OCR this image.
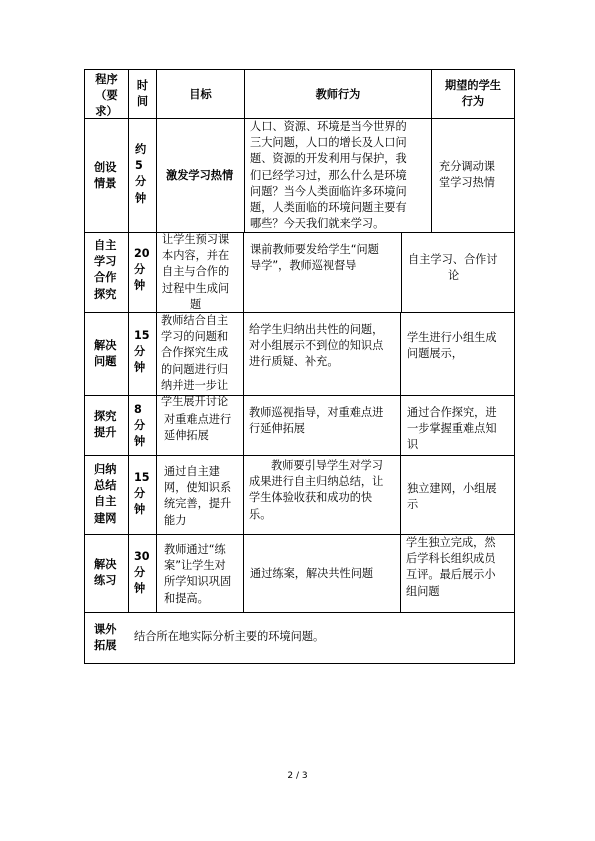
程序
（要
求）
时
间
目标	教师行为
期望的学生
行为
创设
情景
约
5
分
钟
激发学习热情
人口、资源、环境是当今世界的
三大问题，人口的增长及人口问
题、资源的开发利用与保护，我
们已经学习过，那么什么是环境
问题？当今人类面临许多环境问
题，人类面临的环境问题主要有
哪些？今天我们就来学习。
充分调动课
堂学习热情
自主
学习
合作
探究
20
分
钟
让学生预习课
本内容，并在
自主与合作的
过程中生成问
题
课前教师要发给学生“问题
导学”，教师巡视督导	自主学习、合作讨
论
解决
问题
15
分
钟
教师结合自主
学习的问题和
合作探究生成
的问题进行归
纳并进一步让
学生展开讨论
给学生归纳出共性的问题，
对小组展示不到位的知识点
进行质疑、补充。
学生进行小组生成
问题展示，
探究
提升
8
分
钟
对重难点进行
延伸拓展
教师巡视指导，对重难点进
行延伸拓展
通过合作探究，进
一步掌握重难点知
识
归纳
总结
自主
建网
15
分
钟
通过自主建
网，使知识系
统完善，提升
能力
教师要引导学生对学习
成果进行自主归纳总结，让
学生体验收获和成功的快
乐。
独立建网，小组展
示
解决
练习
30
分
钟
教师通过“练
案”让学生对
所学知识巩固
和提高。
通过练案，解决共性问题
学生独立完成，然
后学科长组织成员
互评。最后展示小
组问题
课外
拓展
结合所在地实际分析主要的环境问题。
2 / 3
